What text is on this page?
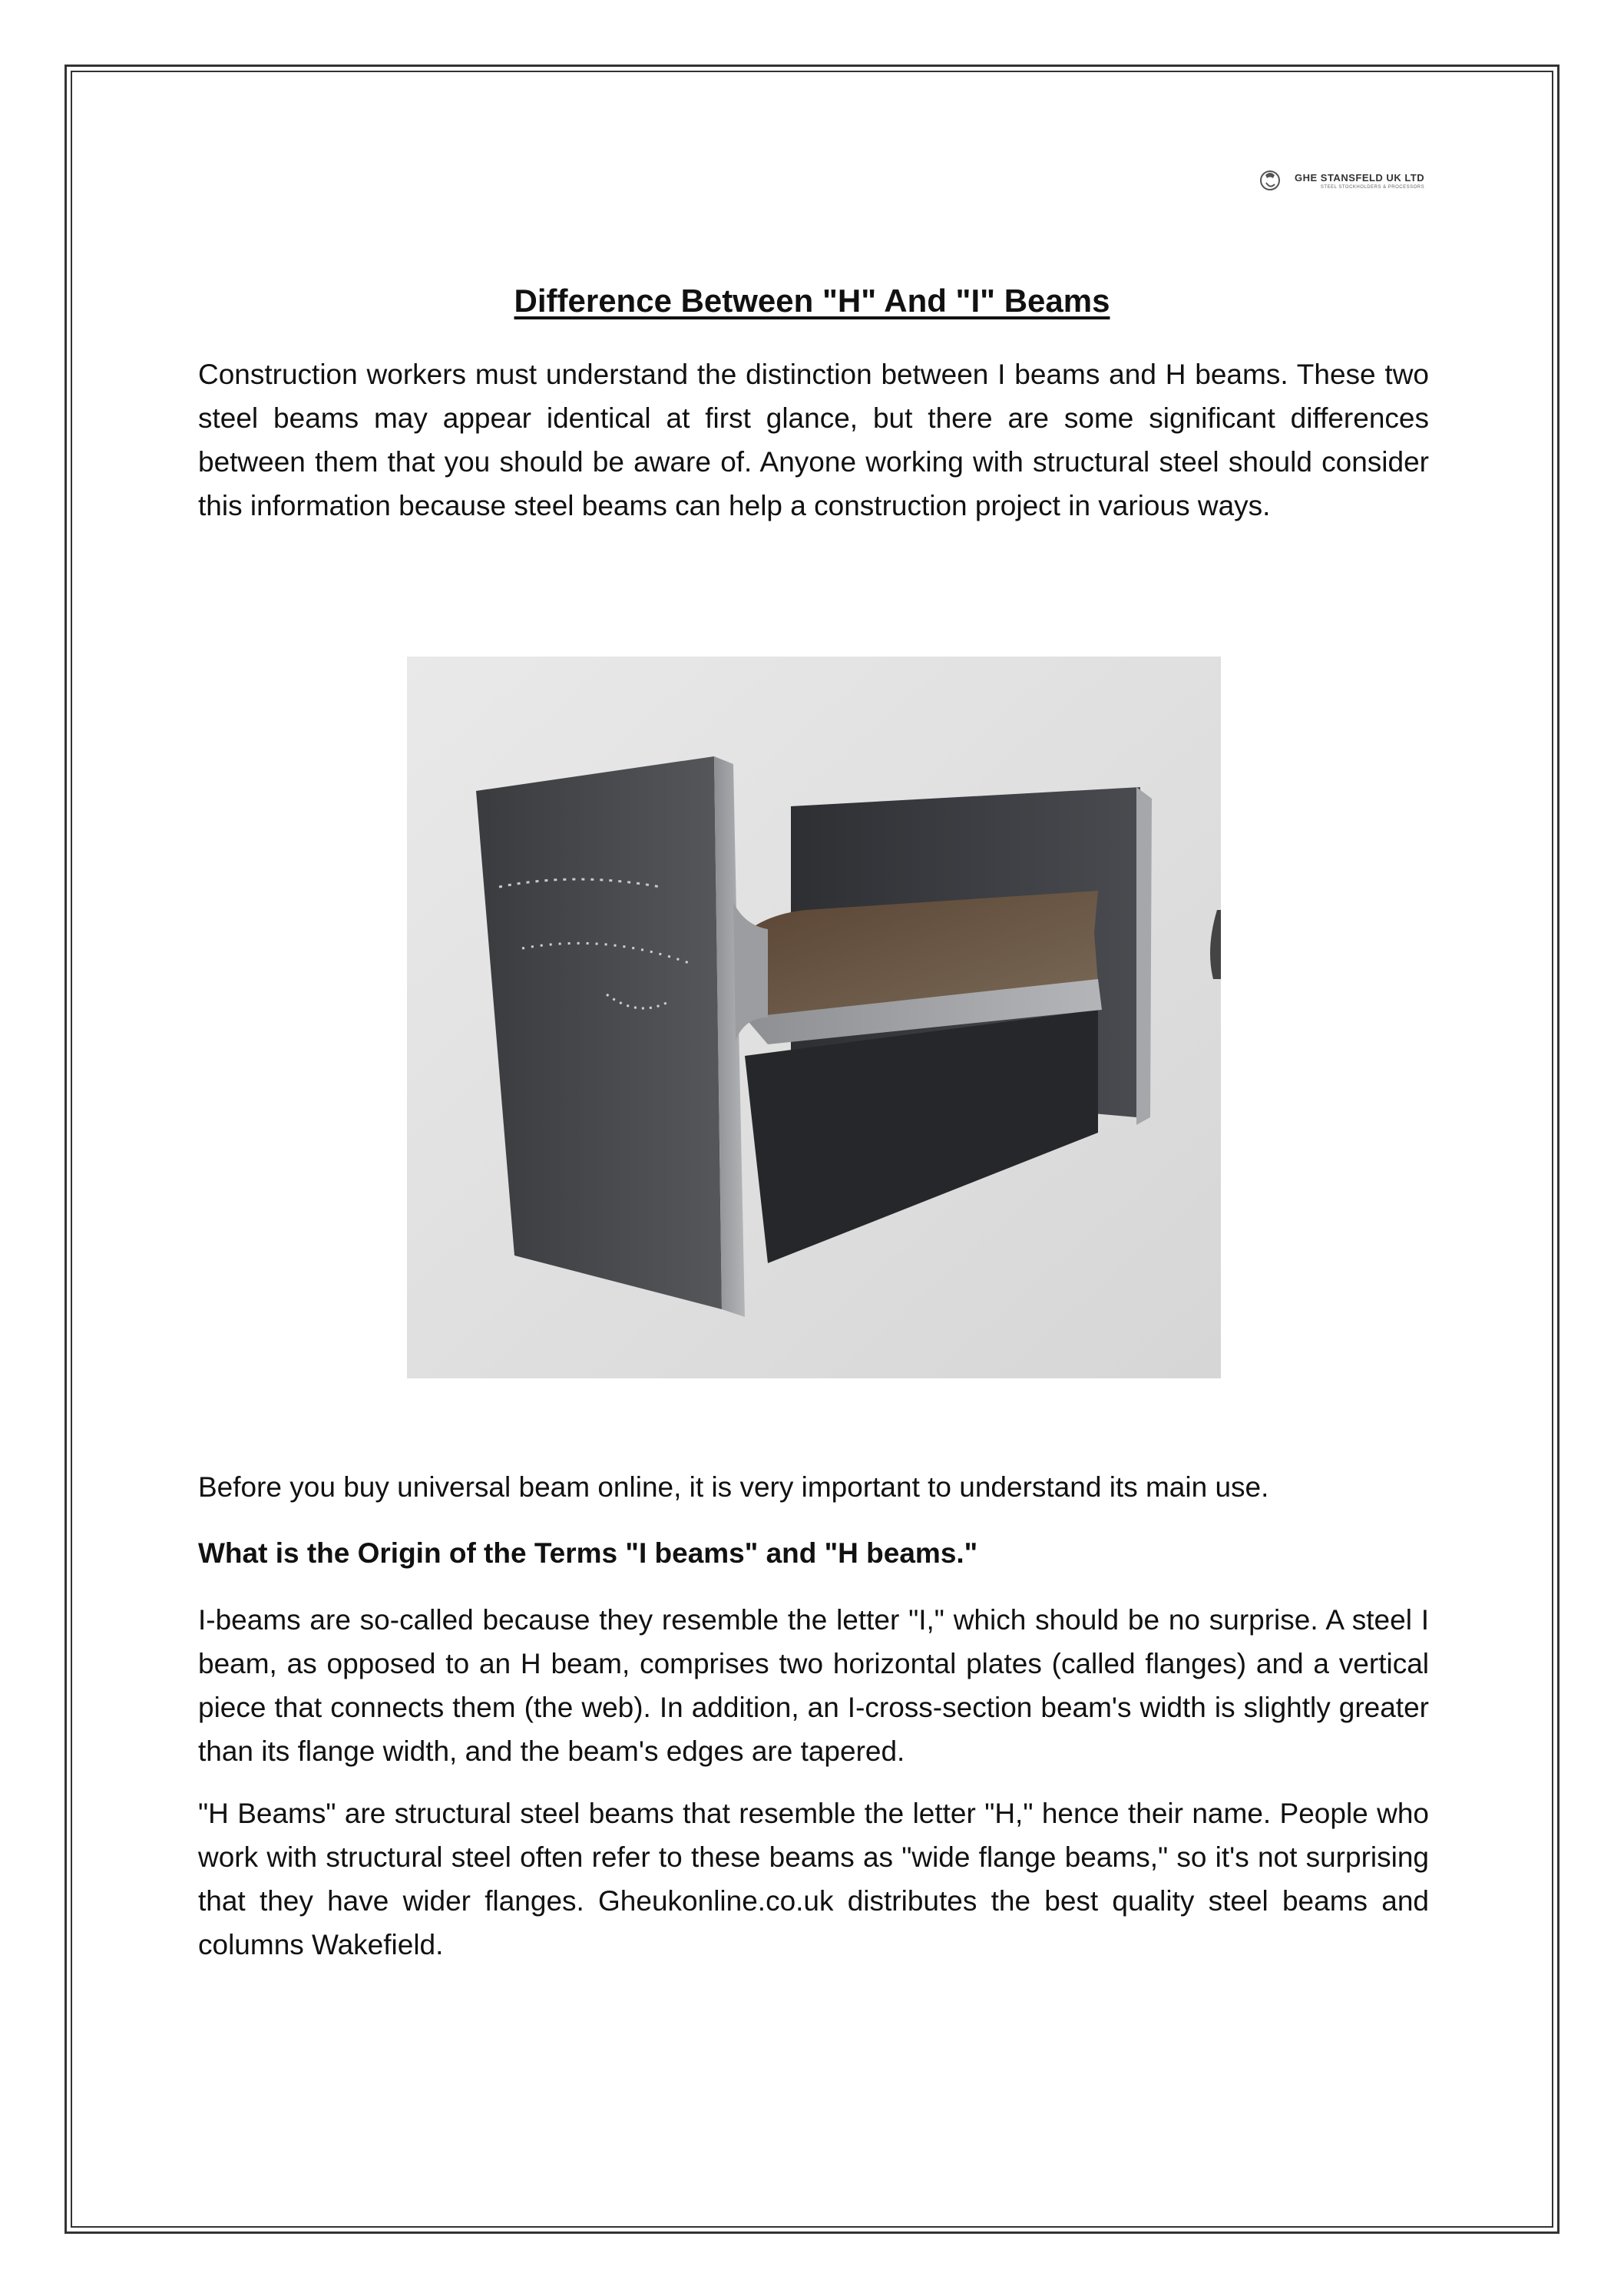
GHE STANSFELD UK LTD
STEEL STOCKHOLDERS & PROCESSORS
Difference Between "H" And "I" Beams

Construction workers must understand the distinction between I beams and H beams. These two steel beams may appear identical at first glance, but there are some significant differences between them that you should be aware of. Anyone working with structural steel should consider this information because steel beams can help a construction project in various ways.

Before you buy universal beam online, it is very important to understand its main use.

What is the Origin of the Terms "I beams" and "H beams."

I-beams are so-called because they resemble the letter "I," which should be no surprise. A steel I beam, as opposed to an H beam, comprises two horizontal plates (called flanges) and a vertical piece that connects them (the web). In addition, an I-cross-section beam's width is slightly greater than its flange width, and the beam's edges are tapered.

"H Beams" are structural steel beams that resemble the letter "H," hence their name. People who work with structural steel often refer to these beams as "wide flange beams," so it's not surprising that they have wider flanges. Gheukonline.co.uk distributes the best quality steel beams and columns Wakefield.
